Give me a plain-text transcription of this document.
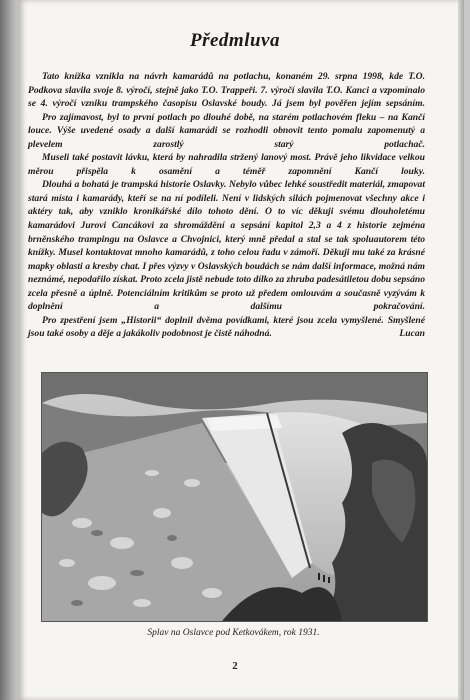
Předmluva

Tato knížka vznikla na návrh kamarádů na potlachu, konaném 29. srpna 1998, kde T.O. Podkova slavila svoje 8. výročí, stejně jako T.O. Trappeři. 7. výročí slavila T.O. Kanci a vzpomínalo se 4. výročí vzniku trampského časopisu Oslavské boudy. Já jsem byl pověřen jejím sepsáním.

Pro zajímavost, byl to první potlach po dlouhé době, na starém potlachovém fleku – na Kančí louce. Výše uvedené osady a další kamarádi se rozhodli obnovit tento pomalu zapomenutý a plevelem zarostlý starý potlachač.

Museli také postavit lávku, která by nahradila stržený lanový most. Právě jeho likvidace velkou měrou přispěla k osamění a téměř zapomnění Kančí louky.

Dlouhá a bohatá je trampská historie Oslavky. Nebylo vůbec lehké soustředit materiál, zmapovat stará místa i kamarády, kteří se na ní podíleli. Není v lidských silách pojmenovat všechny akce i aktéry tak, aby vzniklo kronikářské dílo tohoto dění. O to víc děkuji svému dlouholetému kamarádovi Jurovi Cancákovi za shromáždění a sepsání kapitol 2,3 a 4 z historie zejména brněnského trampingu na Oslavce a Chvojnici, který mně předal a stal se tak spoluautorem této knížky. Musel kontaktovat mnoho kamarádů, z toho celou řadu v zámoří. Děkuji mu také za krásné mapky oblasti a kresby chat. I přes výzvy v Oslavských boudách se nám další informace, možná nám neznámé, nepodařilo získat. Proto zcela jistě nebude toto dílko za zhruba padesátiletou dobu sepsáno zcela přesně a úplně. Potenciálním kritikům se proto už předem omlouvám a současně vyzývám k doplnění a dalšímu pokračování.

Pro zpestření jsem „Historii“ doplnil dvěma povídkami, které jsou zcela vymyšlené. Smyšlené jsou také osoby a děje a jakákoliv podobnost je čistě náhodná.	Lucan

Splav na Oslavce pod Ketkovákem, rok 1931.
2
